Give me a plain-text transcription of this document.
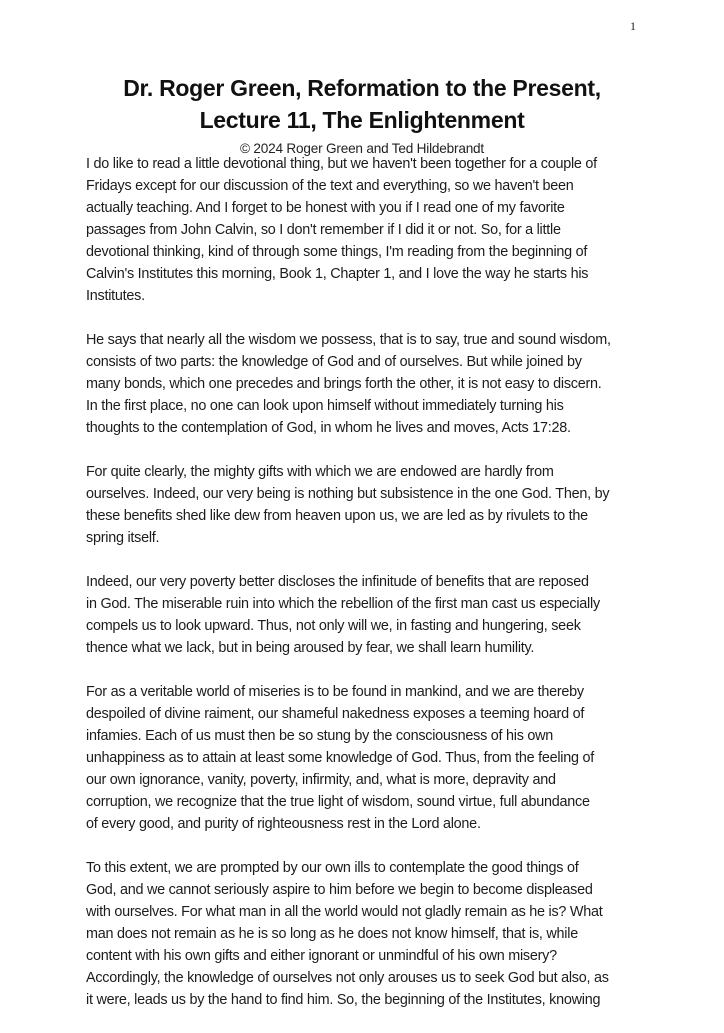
1
Dr. Roger Green, Reformation to the Present,
Lecture 11, The Enlightenment
© 2024 Roger Green and Ted Hildebrandt

I do like to read a little devotional thing, but we haven't been together for a couple of
Fridays except for our discussion of the text and everything, so we haven't been
actually teaching. And I forget to be honest with you if I read one of my favorite
passages from John Calvin, so I don't remember if I did it or not. So, for a little
devotional thinking, kind of through some things, I'm reading from the beginning of
Calvin's Institutes this morning, Book 1, Chapter 1, and I love the way he starts his
Institutes.

He says that nearly all the wisdom we possess, that is to say, true and sound wisdom,
consists of two parts: the knowledge of God and of ourselves. But while joined by
many bonds, which one precedes and brings forth the other, it is not easy to discern.
In the first place, no one can look upon himself without immediately turning his
thoughts to the contemplation of God, in whom he lives and moves, Acts 17:28.

For quite clearly, the mighty gifts with which we are endowed are hardly from
ourselves. Indeed, our very being is nothing but subsistence in the one God. Then, by
these benefits shed like dew from heaven upon us, we are led as by rivulets to the
spring itself.

Indeed, our very poverty better discloses the infinitude of benefits that are reposed
in God. The miserable ruin into which the rebellion of the first man cast us especially
compels us to look upward. Thus, not only will we, in fasting and hungering, seek
thence what we lack, but in being aroused by fear, we shall learn humility.

For as a veritable world of miseries is to be found in mankind, and we are thereby
despoiled of divine raiment, our shameful nakedness exposes a teeming hoard of
infamies. Each of us must then be so stung by the consciousness of his own
unhappiness as to attain at least some knowledge of God. Thus, from the feeling of
our own ignorance, vanity, poverty, infirmity, and, what is more, depravity and
corruption, we recognize that the true light of wisdom, sound virtue, full abundance
of every good, and purity of righteousness rest in the Lord alone.

To this extent, we are prompted by our own ills to contemplate the good things of
God, and we cannot seriously aspire to him before we begin to become displeased
with ourselves. For what man in all the world would not gladly remain as he is? What
man does not remain as he is so long as he does not know himself, that is, while
content with his own gifts and either ignorant or unmindful of his own misery?
Accordingly, the knowledge of ourselves not only arouses us to seek God but also, as
it were, leads us by the hand to find him. So, the beginning of the Institutes, knowing
